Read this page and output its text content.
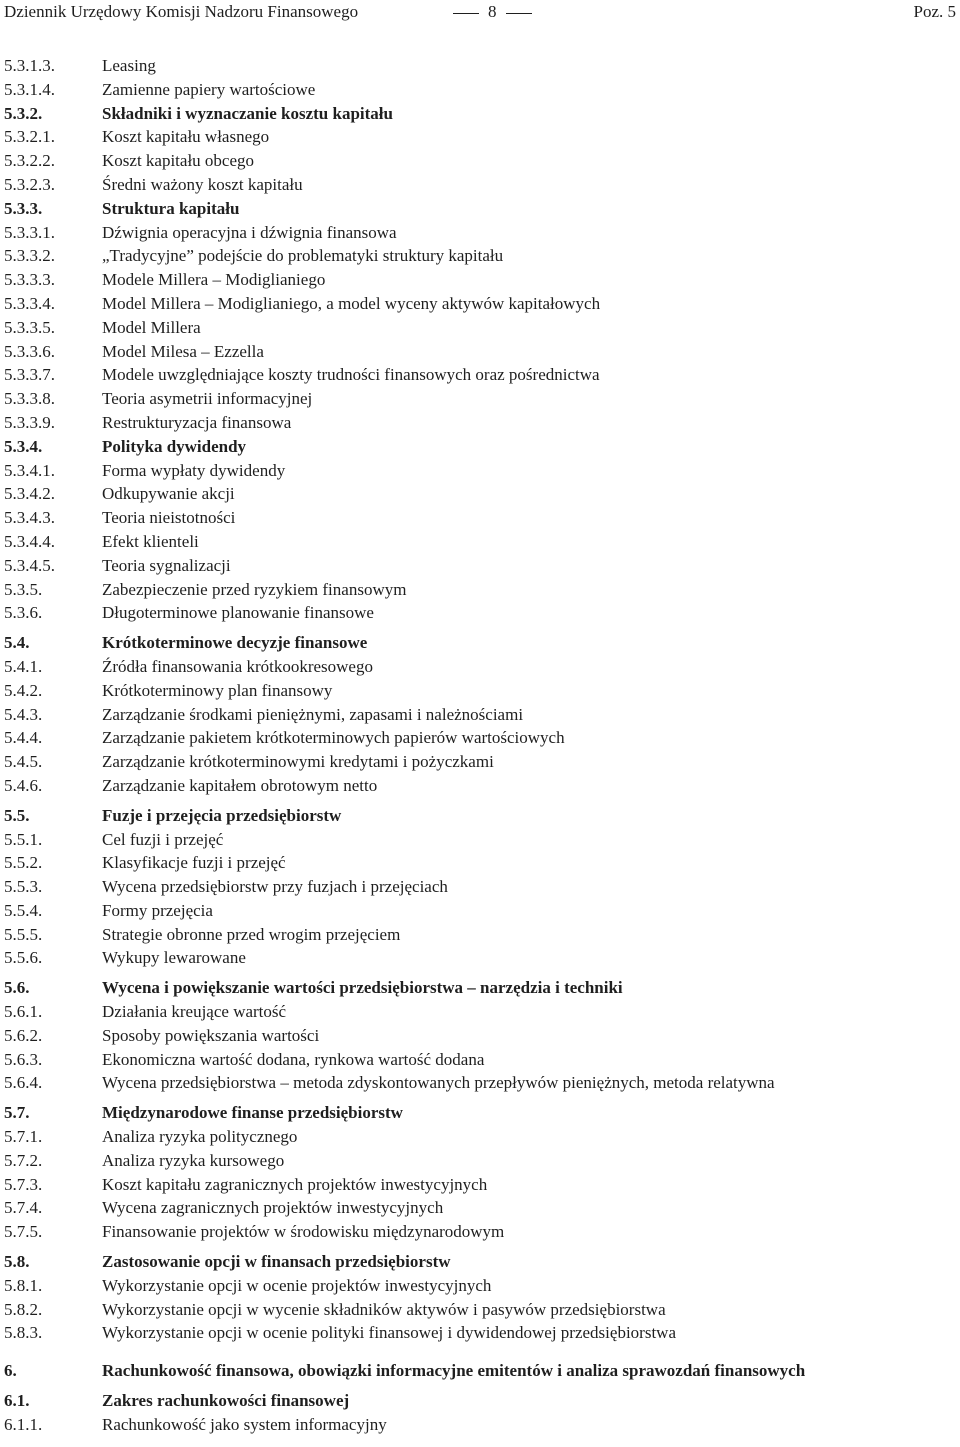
Dziennik Urzędowy Komisji Nadzoru Finansowego	8	Poz. 5
5.3.1.3.	Leasing
5.3.1.4.	Zamienne papiery wartościowe
5.3.2.	Składniki i wyznaczanie kosztu kapitału
5.3.2.1.	Koszt kapitału własnego
5.3.2.2.	Koszt kapitału obcego
5.3.2.3.	Średni ważony koszt kapitału
5.3.3.	Struktura kapitału
5.3.3.1.	Dźwignia operacyjna i dźwignia finansowa
5.3.3.2.	„Tradycyjne” podejście do problematyki struktury kapitału
5.3.3.3.	Modele Millera – Modiglianiego
5.3.3.4.	Model Millera – Modiglianiego, a model wyceny aktywów kapitałowych
5.3.3.5.	Model Millera
5.3.3.6.	Model Milesa – Ezzella
5.3.3.7.	Modele uwzględniające koszty trudności finansowych oraz pośrednictwa
5.3.3.8.	Teoria asymetrii informacyjnej
5.3.3.9.	Restrukturyzacja finansowa
5.3.4.	Polityka dywidendy
5.3.4.1.	Forma wypłaty dywidendy
5.3.4.2.	Odkupywanie akcji
5.3.4.3.	Teoria nieistotności
5.3.4.4.	Efekt klienteli
5.3.4.5.	Teoria sygnalizacji
5.3.5.	Zabezpieczenie przed ryzykiem finansowym
5.3.6.	Długoterminowe planowanie finansowe
5.4.	Krótkoterminowe decyzje finansowe
5.4.1.	Źródła finansowania krótkookresowego
5.4.2.	Krótkoterminowy plan finansowy
5.4.3.	Zarządzanie środkami pieniężnymi, zapasami i należnościami
5.4.4.	Zarządzanie pakietem krótkoterminowych papierów wartościowych
5.4.5.	Zarządzanie krótkoterminowymi kredytami i pożyczkami
5.4.6.	Zarządzanie kapitałem obrotowym netto
5.5.	Fuzje i przejęcia przedsiębiorstw
5.5.1.	Cel fuzji i przejęć
5.5.2.	Klasyfikacje fuzji i przejęć
5.5.3.	Wycena przedsiębiorstw przy fuzjach i przejęciach
5.5.4.	Formy przejęcia
5.5.5.	Strategie obronne przed wrogim przejęciem
5.5.6.	Wykupy lewarowane
5.6.	Wycena i powiększanie wartości przedsiębiorstwa – narzędzia i techniki
5.6.1.	Działania kreujące wartość
5.6.2.	Sposoby powiększania wartości
5.6.3.	Ekonomiczna wartość dodana, rynkowa wartość dodana
5.6.4.	Wycena przedsiębiorstwa – metoda zdyskontowanych przepływów pieniężnych, metoda relatywna
5.7.	Międzynarodowe finanse przedsiębiorstw
5.7.1.	Analiza ryzyka politycznego
5.7.2.	Analiza ryzyka kursowego
5.7.3.	Koszt kapitału zagranicznych projektów inwestycyjnych
5.7.4.	Wycena zagranicznych projektów inwestycyjnych
5.7.5.	Finansowanie projektów w środowisku międzynarodowym
5.8.	Zastosowanie opcji w finansach przedsiębiorstw
5.8.1.	Wykorzystanie opcji w ocenie projektów inwestycyjnych
5.8.2.	Wykorzystanie opcji w wycenie składników aktywów i pasywów przedsiębiorstwa
5.8.3.	Wykorzystanie opcji w ocenie polityki finansowej i dywidendowej przedsiębiorstwa
6.	Rachunkowość finansowa, obowiązki informacyjne emitentów i analiza sprawozdań finansowych
6.1.	Zakres rachunkowości finansowej
6.1.1.	Rachunkowość jako system informacyjny
